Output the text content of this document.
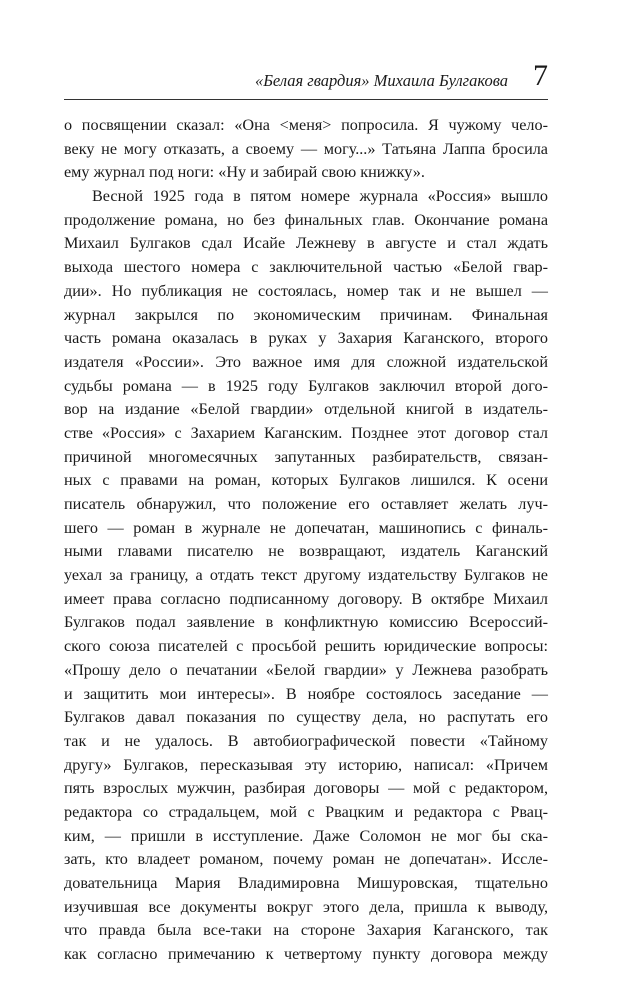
«Белая гвардия» Михаила Булгакова 7
о посвящении сказал: «Она <меня> попросила. Я чужому чело-
веку не могу отказать, а своему — могу...» Татьяна Лаппа бросила
ему журнал под ноги: «Ну и забирай свою книжку».
Весной 1925 года в пятом номере журнала «Россия» вышло
продолжение романа, но без финальных глав. Окончание романа
Михаил Булгаков сдал Исайе Лежневу в августе и стал ждать
выхода шестого номера с заключительной частью «Белой гвар-
дии». Но публикация не состоялась, номер так и не вышел —
журнал закрылся по экономическим причинам. Финальная
часть романа оказалась в руках у Захария Каганского, второго
издателя «России». Это важное имя для сложной издательской
судьбы романа — в 1925 году Булгаков заключил второй дого-
вор на издание «Белой гвардии» отдельной книгой в издатель-
стве «Россия» с Захарием Каганским. Позднее этот договор стал
причиной многомесячных запутанных разбирательств, связан-
ных с правами на роман, которых Булгаков лишился. К осени
писатель обнаружил, что положение его оставляет желать луч-
шего — роман в журнале не допечатан, машинопись с финаль-
ными главами писателю не возвращают, издатель Каганский
уехал за границу, а отдать текст другому издательству Булгаков не
имеет права согласно подписанному договору. В октябре Михаил
Булгаков подал заявление в конфликтную комиссию Всероссий-
ского союза писателей с просьбой решить юридические вопросы:
«Прошу дело о печатании «Белой гвардии» у Лежнева разобрать
и защитить мои интересы». В ноябре состоялось заседание —
Булгаков давал показания по существу дела, но распутать его
так и не удалось. В автобиографической повести «Тайному
другу» Булгаков, пересказывая эту историю, написал: «Причем
пять взрослых мужчин, разбирая договоры — мой с редактором,
редактора со страдальцем, мой с Рвацким и редактора с Рвац-
ким, — пришли в исступление. Даже Соломон не мог бы ска-
зать, кто владеет романом, почему роман не допечатан». Иссле-
довательница Мария Владимировна Мишуровская, тщательно
изучившая все документы вокруг этого дела, пришла к выводу,
что правда была все-таки на стороне Захария Каганского, так
как согласно примечанию к четвертому пункту договора между
